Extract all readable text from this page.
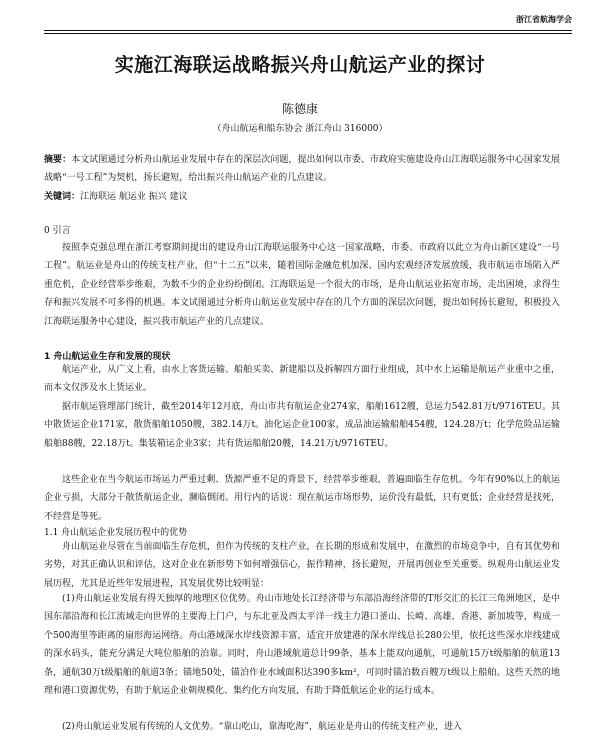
浙江省航海学会
实施江海联运战略振兴舟山航运产业的探讨
陈德康
（舟山航运和船东协会 浙江舟山 316000）
摘要：本文试图通过分析舟山航运业发展中存在的深层次问题，提出如何以市委、市政府实施建设舟山江海联运服务中心国家发展战略“一号工程”为契机，扬长避短，给出振兴舟山航运产业的几点建议。
关键词：江海联运 航运业 振兴 建议
0 引言
按照李克强总理在浙江考察期间提出的建设舟山江海联运服务中心这一国家战略，市委、市政府以此立为舟山新区建设“一号工程”。航运业是舟山的传统支柱产业，但“十二五”以来，随着国际金融危机加深、国内宏观经济发展放缓，我市航运市场陷入严重危机，企业经营举步维艰，为数不少的企业纷纷倒闭。江海联运是一个很大的市场，是舟山航运业拓宽市场，走出困境，求得生存和振兴发展不可多得的机遇。本文试图通过分析舟山航运业发展中存在的几个方面的深层次问题，提出如何扬长避短，积极投入江海联运服务中心建设，振兴我市航运产业的几点建议。
1 舟山航运业生存和发展的现状
航运产业，从广义上看，由水上客货运输、船舶买卖、新建船以及拆解四方面行业组成，其中水上运输是航运产业重中之重，而本文仅涉及水上货运业。
据市航运管理部门统计，截至2014年12月底，舟山市共有航运企业274家，船舶1612艘，总运力542.81万t/9716TEU。其中散货运企业171家，散货船舶1050艘，382.14万t。油化运企业100家，成品油运输船舶454艘，124.28万t；化学危险品运输船舶88艘，22.18万t。集装箱运企业3家；共有货运船舶20艘，14.21万t/9716TEU。
这些企业在当今航运市场运力严重过剩、货源严重不足的背景下，经营举步维艰，普遍面临生存危机。今年有90%以上的航运企业亏损，大部分干散货航运企业，濒临倒闭。用行内的话说：现在航运市场形势，运价没有最低，只有更低；企业经营是找死，不经营是等死。
1.1 舟山航运企业发展历程中的优势
舟山航运业尽管在当前面临生存危机，但作为传统的支柱产业，在长期的形成和发展中，在激烈的市场竞争中，自有其优势和劣势，对其正确认识和评估，这对企业在新形势下如何增强信心，振作精神，扬长避短，开展再创业至关重要。纵观舟山航运业发展历程，尤其是近些年发展进程，其发展优势比较明显：
(1)舟山航运业发展有得天独厚的地理区位优势。舟山市地处长江经济带与东部沿海经济带的T形交汇的长江三角洲地区，是中国东部沿海和长江流域走向世界的主要海上门户，与东北亚及西太平洋一线主力港口釜山、长崎、高雄、香港、新加坡等，构成一个500海里等距离的扇形海运网络。舟山港域深水岸线资源丰富，适宜开放建港的深水岸线总长280公里，依托这些深水岸线建成的深水码头，能充分满足大吨位船舶的泊靠。同时，舟山港域航道总计99条，基本上能双向通航，可通航15万t级船舶的航道13条，通航30万t级船舶的航道3条；锚地50处，锚泊作业水域面积达390多km²，可同时锚泊数百艘万t级以上船舶。这些天然的地理和港口资源优势，有助于航运企业朝规模化、集约化方向发展，有助于降低航运企业的运行成本。
(2)舟山航运业发展有传统的人文优势。“靠山吃山，靠海吃海”，航运业是舟山的传统支柱产业，进入
